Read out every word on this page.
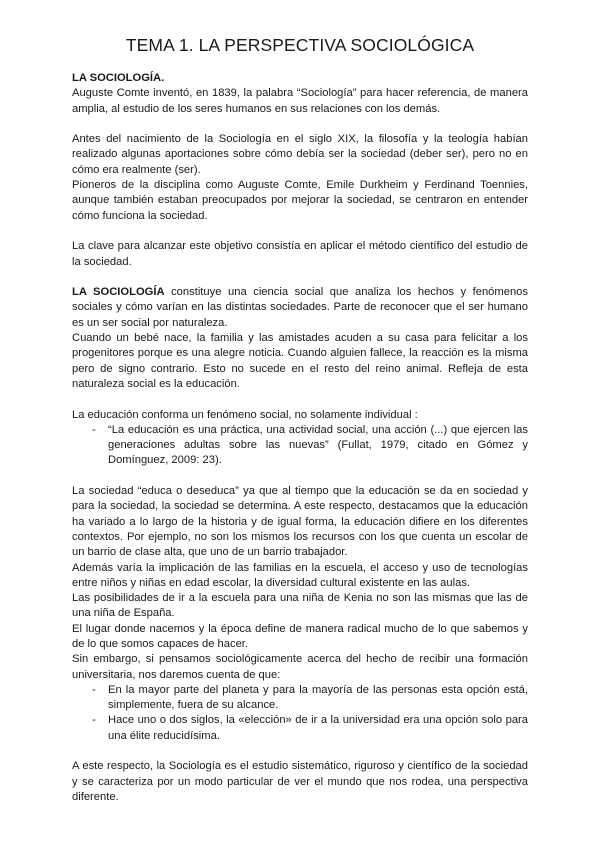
TEMA 1. LA PERSPECTIVA SOCIOLÓGICA

LA SOCIOLOGÍA.

Auguste Comte inventó, en 1839, la palabra “Sociología” para hacer referencia, de manera amplia, al estudio de los seres humanos en sus relaciones con los demás.

Antes del nacimiento de la Sociología en el siglo XIX, la filosofía y la teología habían realizado algunas aportaciones sobre cómo debía ser la sociedad (deber ser), pero no en cómo era realmente (ser).

Pioneros de la disciplina como Auguste Comte, Emile Durkheim y Ferdinand Toennies, aunque también estaban preocupados por mejorar la sociedad, se centraron en entender cómo funciona la sociedad.

La clave para alcanzar este objetivo consistía en aplicar el método científico del estudio de la sociedad.

LA SOCIOLOGÍA constituye una ciencia social que analiza los hechos y fenómenos sociales y cómo varían en las distintas sociedades. Parte de reconocer que el ser humano es un ser social por naturaleza.

Cuando un bebé nace, la familia y las amistades acuden a su casa para felicitar a los progenitores porque es una alegre noticia. Cuando alguien fallece, la reacción es la misma pero de signo contrario. Esto no sucede en el resto del reino animal. Refleja de esta naturaleza social es la educación.

La educación conforma un fenómeno social, no solamente individual :

- “La educación es una práctica, una actividad social, una acción (...) que ejercen las generaciones adultas sobre las nuevas” (Fullat, 1979, citado en Gómez y Domínguez, 2009: 23).

La sociedad “educa o deseduca” ya que al tiempo que la educación se da en sociedad y para la sociedad, la sociedad se determina. A este respecto, destacamos que la educación ha variado a lo largo de la historia y de igual forma, la educación difiere en los diferentes contextos. Por ejemplo, no son los mismos los recursos con los que cuenta un escolar de un barrio de clase alta, que uno de un barrio trabajador.

Además varía la implicación de las familias en la escuela, el acceso y uso de tecnologías entre niños y niñas en edad escolar, la diversidad cultural existente en las aulas.

Las posibilidades de ir a la escuela para una niña de Kenia no son las mismas que las de una niña de España.

El lugar donde nacemos y la época define de manera radical mucho de lo que sabemos y de lo que somos capaces de hacer.

Sin embargo, si pensamos sociológicamente acerca del hecho de recibir una formación universitaria, nos daremos cuenta de que:

- En la mayor parte del planeta y para la mayoría de las personas esta opción está, simplemente, fuera de su alcance.
- Hace uno o dos siglos, la «elección» de ir a la universidad era una opción solo para una élite reducidísima.

A este respecto, la Sociología es el estudio sistemático, riguroso y científico de la sociedad y se caracteriza por un modo particular de ver el mundo que nos rodea, una perspectiva diferente.
